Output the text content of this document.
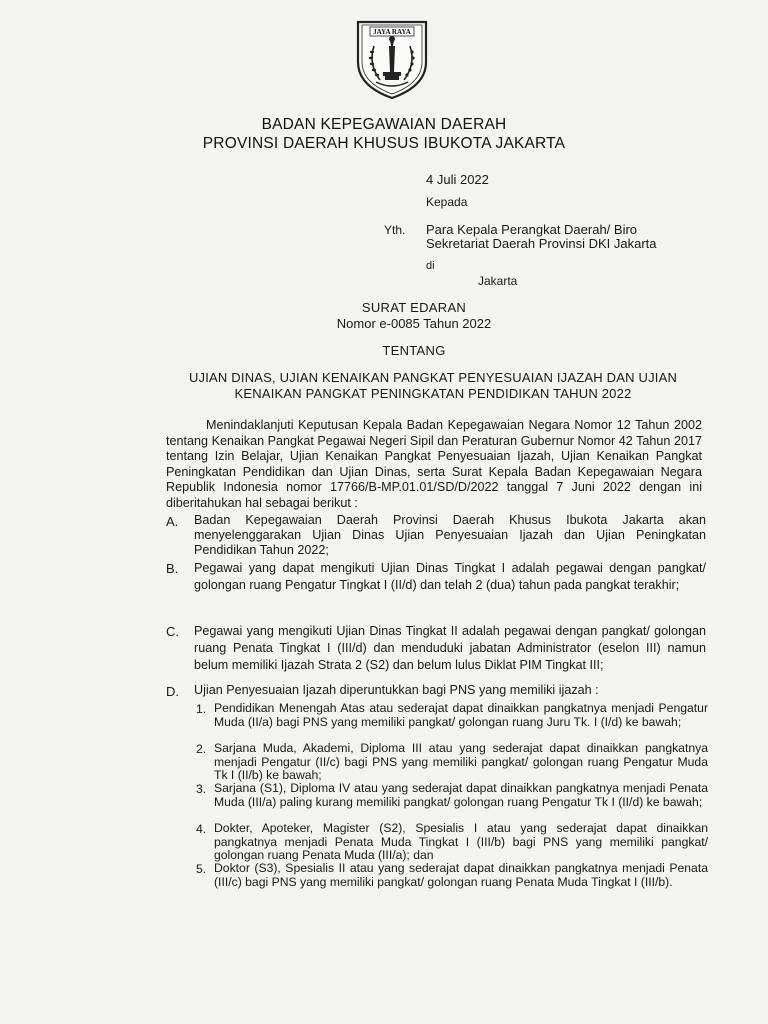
JAYA RAYA
BADAN KEPEGAWAIAN DAERAH
PROVINSI DAERAH KHUSUS IBUKOTA JAKARTA
4 Juli 2022
Kepada
Yth. Para Kepala Perangkat Daerah/ Biro
Sekretariat Daerah Provinsi DKI Jakarta
di
Jakarta
SURAT EDARAN
Nomor e-0085 Tahun 2022
TENTANG
UJIAN DINAS, UJIAN KENAIKAN PANGKAT PENYESUAIAN IJAZAH DAN UJIAN
KENAIKAN PANGKAT PENINGKATAN PENDIDIKAN TAHUN 2022
Menindaklanjuti Keputusan Kepala Badan Kepegawaian Negara Nomor 12 Tahun 2002 tentang Kenaikan Pangkat Pegawai Negeri Sipil dan Peraturan Gubernur Nomor 42 Tahun 2017 tentang Izin Belajar, Ujian Kenaikan Pangkat Penyesuaian Ijazah, Ujian Kenaikan Pangkat Peningkatan Pendidikan dan Ujian Dinas, serta Surat Kepala Badan Kepegawaian Negara Republik Indonesia nomor 17766/B-MP.01.01/SD/D/2022 tanggal 7 Juni 2022 dengan ini diberitahukan hal sebagai berikut :
A. Badan Kepegawaian Daerah Provinsi Daerah Khusus Ibukota Jakarta akan menyelenggarakan Ujian Dinas Ujian Penyesuaian Ijazah dan Ujian Peningkatan Pendidikan Tahun 2022;
B. Pegawai yang dapat mengikuti Ujian Dinas Tingkat I adalah pegawai dengan pangkat/ golongan ruang Pengatur Tingkat I (II/d) dan telah 2 (dua) tahun pada pangkat terakhir;
C. Pegawai yang mengikuti Ujian Dinas Tingkat II adalah pegawai dengan pangkat/ golongan ruang Penata Tingkat I (III/d) dan menduduki jabatan Administrator (eselon III) namun belum memiliki Ijazah Strata 2 (S2) dan belum lulus Diklat PIM Tingkat III;
D. Ujian Penyesuaian Ijazah diperuntukkan bagi PNS yang memiliki ijazah :
1. Pendidikan Menengah Atas atau sederajat dapat dinaikkan pangkatnya menjadi Pengatur Muda (II/a) bagi PNS yang memiliki pangkat/ golongan ruang Juru Tk. I (I/d) ke bawah;
2. Sarjana Muda, Akademi, Diploma III atau yang sederajat dapat dinaikkan pangkatnya menjadi Pengatur (II/c) bagi PNS yang memiliki pangkat/ golongan ruang Pengatur Muda Tk I (II/b) ke bawah;
3. Sarjana (S1), Diploma IV atau yang sederajat dapat dinaikkan pangkatnya menjadi Penata Muda (III/a) paling kurang memiliki pangkat/ golongan ruang Pengatur Tk I (II/d) ke bawah;
4. Dokter, Apoteker, Magister (S2), Spesialis I atau yang sederajat dapat dinaikkan pangkatnya menjadi Penata Muda Tingkat I (III/b) bagi PNS yang memiliki pangkat/ golongan ruang Penata Muda (III/a); dan
5. Doktor (S3), Spesialis II atau yang sederajat dapat dinaikkan pangkatnya menjadi Penata (III/c) bagi PNS yang memiliki pangkat/ golongan ruang Penata Muda Tingkat I (III/b).
